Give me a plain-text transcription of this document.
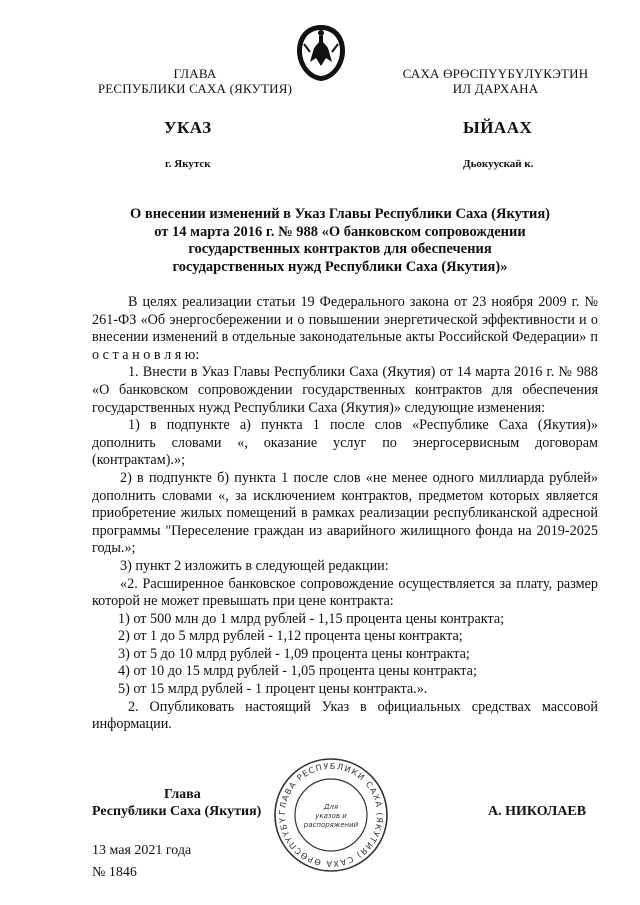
ГЛАВА
РЕСПУБЛИКИ САХА (ЯКУТИЯ)
САХА ӨРӨСПҮҮБҮЛҮКЭТИН
ИЛ ДАРХАНА
УКАЗ	ЫЙААХ
г. Якутск	Дьокуускай к.
О внесении изменений в Указ Главы Республики Саха (Якутия)
от 14 марта 2016 г. № 988 «О банковском сопровождении
государственных контрактов для обеспечения
государственных нужд Республики Саха (Якутия)»

В целях реализации статьи 19 Федерального закона от 23 ноября 2009 г. № 261-ФЗ «Об энергосбережении и о повышении энергетической эффективности и о внесении изменений в отдельные законодательные акты Российской Федерации» п о с т а н о в л я ю:

1. Внести в Указ Главы Республики Саха (Якутия) от 14 марта 2016 г. № 988 «О банковском сопровождении государственных контрактов для обеспечения государственных нужд Республики Саха (Якутия)» следующие изменения:

1) в подпункте а) пункта 1 после слов «Республике Саха (Якутия)» дополнить словами «, оказание услуг по энергосервисным договорам (контрактам).»;

2) в подпункте б) пункта 1 после слов «не менее одного миллиарда рублей» дополнить словами «, за исключением контрактов, предметом которых является приобретение жилых помещений в рамках реализации республиканской адресной программы "Переселение граждан из аварийного жилищного фонда на 2019-2025 годы.»;

3) пункт 2 изложить в следующей редакции:

«2. Расширенное банковское сопровождение осуществляется за плату, размер которой не может превышать при цене контракта:

1) от 500 млн до 1 млрд рублей - 1,15 процента цены контракта;
2) от 1 до 5 млрд рублей - 1,12 процента цены контракта;
3) от 5 до 10 млрд рублей - 1,09 процента цены контракта;
4) от 10 до 15 млрд рублей - 1,05 процента цены контракта;
5) от 15 млрд рублей - 1 процент цены контракта.».

2. Опубликовать настоящий Указ в официальных средствах массовой информации.

ГЛАВА РЕСПУБЛИКИ САХА (ЯКУТИЯ) САХА ӨРӨСПҮҮБҮ
Для
указов и
распоряжений
Глава
Республики Саха (Якутия)	А. НИКОЛАЕВ
13 мая 2021 года
№ 1846
